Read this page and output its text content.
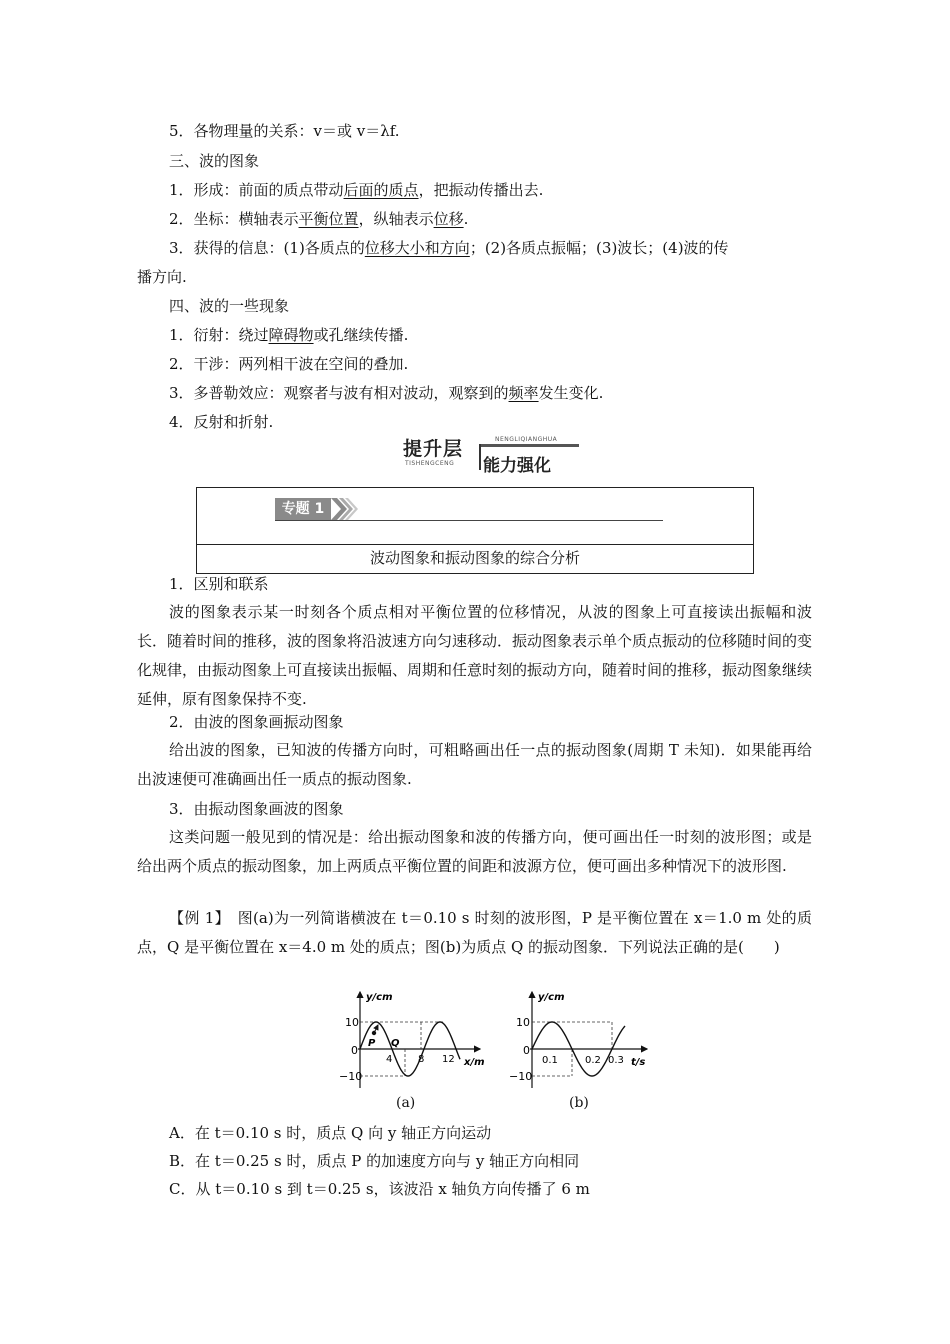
5．各物理量的关系：v＝或 v＝λf.
三、波的图象
1．形成：前面的质点带动后面的质点，把振动传播出去.
2．坐标：横轴表示平衡位置，纵轴表示位移.
3．获得的信息：(1)各质点的位移大小和方向；(2)各质点振幅；(3)波长；(4)波的传
播方向.
四、波的一些现象
1．衍射：绕过障碍物或孔继续传播.
2．干涉：两列相干波在空间的叠加.
3．多普勒效应：观察者与波有相对波动，观察到的频率发生变化.
4．反射和折射.
提升层
TISHENGCENG
NENGLIQIANGHUA
能力强化
专题 1
波动图象和振动图象的综合分析
1．区别和联系
波的图象表示某一时刻各个质点相对平衡位置的位移情况，从波的图象上可直接读出振幅和波长．随着时间的推移，波的图象将沿波速方向匀速移动．振动图象表示单个质点振动的位移随时间的变化规律，由振动图象上可直接读出振幅、周期和任意时刻的振动方向，随着时间的推移，振动图象继续延伸，原有图象保持不变.
2．由波的图象画振动图象
给出波的图象，已知波的传播方向时，可粗略画出任一点的振动图象(周期 T 未知)．如果能再给出波速便可准确画出任一质点的振动图象.
3．由振动图象画波的图象
这类问题一般见到的情况是：给出振动图象和波的传播方向，便可画出任一时刻的波形图；或是给出两个质点的振动图象，加上两质点平衡位置的间距和波源方位，便可画出多种情况下的波形图.
【例 1】　图(a)为一列简谐横波在 t＝0.10 s 时刻的波形图，P 是平衡位置在 x＝1.0 m 处的质点，Q 是平衡位置在 x＝4.0 m 处的质点；图(b)为质点 Q 的振动图象．下列说法正确的是(　　)
y/cm
x/m
10
0
−10
P Q
4	8 12
(a)
y/cm
t/s
10
0
−10
0.1	0.2 0.3
(b)
A．在 t＝0.10 s 时，质点 Q 向 y 轴正方向运动
B．在 t＝0.25 s 时，质点 P 的加速度方向与 y 轴正方向相同
C．从 t＝0.10 s 到 t＝0.25 s，该波沿 x 轴负方向传播了 6 m
